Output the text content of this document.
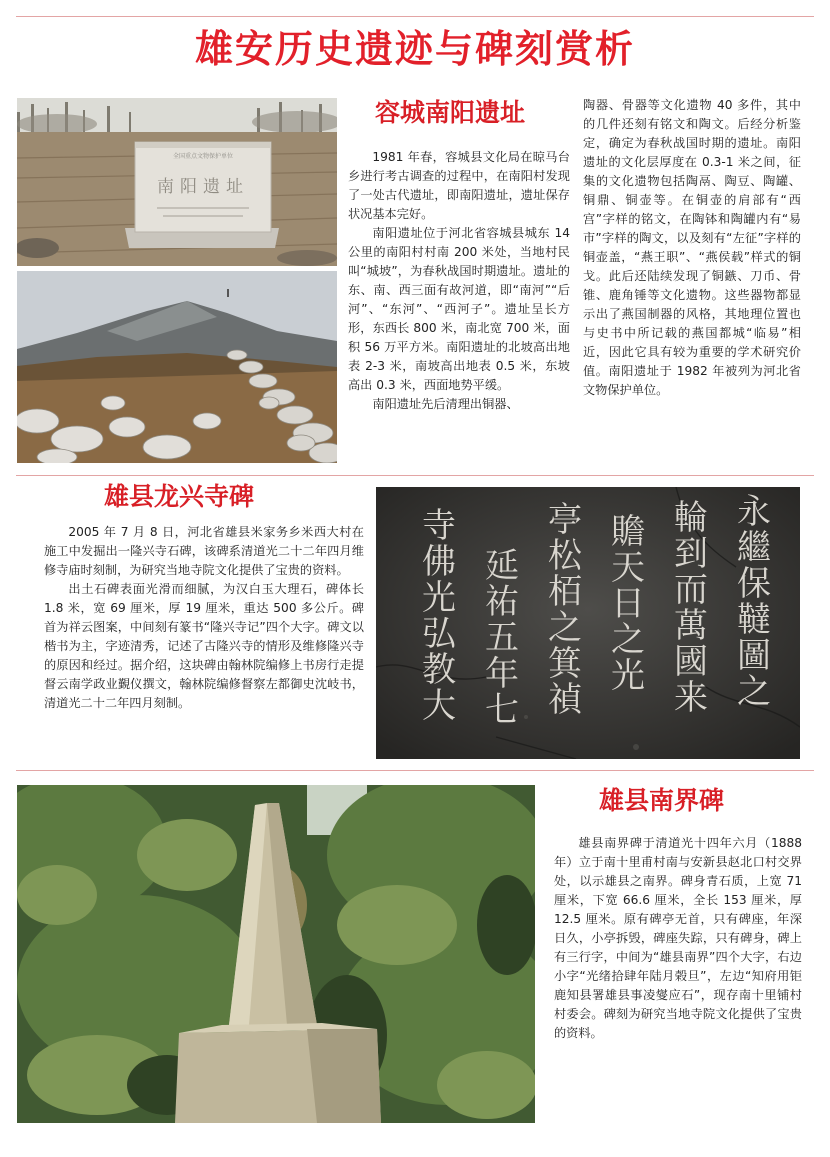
雄安历史遗迹与碑刻赏析
全国重点文物保护单位
南阳遗址
容城南阳遗址

1981 年春，容城县文化局在晾马台乡进行考古调查的过程中，在南阳村发现了一处古代遗址，即南阳遗址，遗址保存状况基本完好。

南阳遗址位于河北省容城县城东 14 公里的南阳村村南 200 米处，当地村民叫“城坡”，为春秋战国时期遗址。遗址的东、南、西三面有故河道，即“南河”“后河”、“东河”、“西河子”。遗址呈长方形，东西长 800 米，南北宽 700 米，面积 56 万平方米。南阳遗址的北坡高出地表 2-3 米，南坡高出地表 0.5 米，东坡高出 0.3 米，西面地势平缓。

南阳遗址先后清理出铜器、

陶器、骨器等文化遗物 40 多件，其中的几件还刻有铭文和陶文。后经分析鉴定，确定为春秋战国时期的遗址。南阳遗址的文化层厚度在 0.3-1 米之间，征集的文化遗物包括陶鬲、陶豆、陶罐、铜鼎、铜壶等。在铜壶的肩部有“西宫”字样的铭文，在陶钵和陶罐内有“易市”字样的陶文，以及刻有“左征”字样的铜壶盖，“燕王职”、“燕侯载”样式的铜戈。此后还陆续发现了铜鏃、刀币、骨锥、鹿角锤等文化遗物。这些器物都显示出了燕国制器的风格，其地理位置也与史书中所记载的燕国都城“临易”相近，因此它具有较为重要的学术研究价值。南阳遗址于 1982 年被列为河北省文物保护单位。
雄县龙兴寺碑

2005 年 7 月 8 日，河北省雄县米家务乡米西大村在施工中发掘出一隆兴寺石碑，该碑系清道光二十二年四月维修寺庙时刻制，为研究当地寺院文化提供了宝贵的资料。

出土石碑表面光滑而细腻，为汉白玉大理石，碑体长 1.8 米，宽 69 厘米，厚 19 厘米，重达 500 多公斤。碑首为祥云图案，中间刻有篆书“隆兴寺记”四个大字。碑文以楷书为主，字迹清秀，记述了古隆兴寺的情形及维修隆兴寺的原因和经过。据介绍，这块碑由翰林院编修上书房行走提督云南学政业覲仪撰文，翰林院编修督察左都御史沈岐书，清道光二十二年四月刻制。	寺佛光弘教大 延祐五年七 亭松栢之箕禎 贍天日之光 輪到而萬國来 永繼保韃圖之
雄县南界碑

雄县南界碑于清道光十四年六月（1888 年）立于南十里甫村南与安新县赵北口村交界处，以示雄县之南界。碑身青石质，上宽 71 厘米，下宽 66.6 厘米，全长 153 厘米，厚 12.5 厘米。原有碑亭无首，只有碑座，年深日久，小亭拆毁，碑座失踪，只有碑身，碑上有三行字，中间为“雄县南界”四个大字，右边小字“光绪拾肆年陆月榖旦”，左边“知府用钜鹿知县署雄县事凌燮应石”，现存南十里铺村村委会。碑刻为研究当地寺院文化提供了宝贵的资料。
